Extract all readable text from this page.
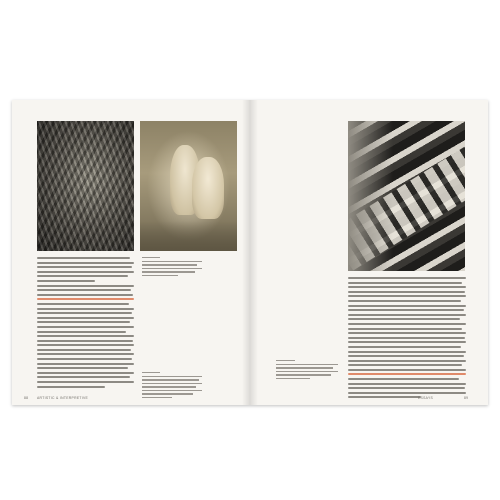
88	ARTISTIC & INTERPRETIVE	ESSAYS	89
